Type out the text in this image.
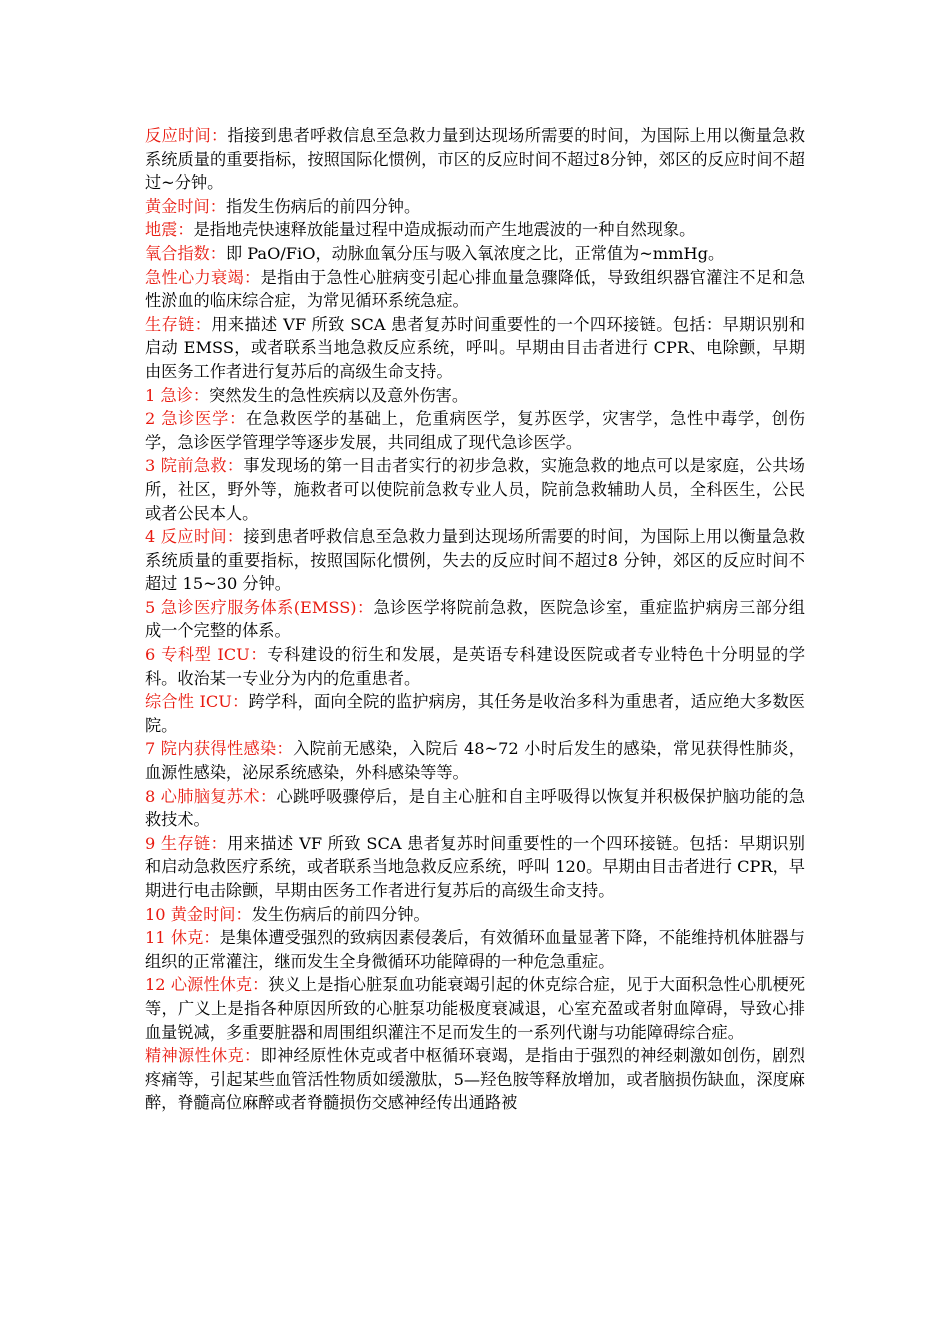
反应时间：指接到患者呼救信息至急救力量到达现场所需要的时间，为国际上用以衡量急救系统质量的重要指标，按照国际化惯例，市区的反应时间不超过8分钟，郊区的反应时间不超过~分钟。

黄金时间：指发生伤病后的前四分钟。

地震：是指地壳快速释放能量过程中造成振动而产生地震波的一种自然现象。

氧合指数：即 PaO/FiO，动脉血氧分压与吸入氧浓度之比，正常值为~mmHg。

急性心力衰竭：是指由于急性心脏病变引起心排血量急骤降低，导致组织器官灌注不足和急性淤血的临床综合症，为常见循环系统急症。

生存链：用来描述 VF 所致 SCA 患者复苏时间重要性的一个四环接链。包括：早期识别和启动 EMSS，或者联系当地急救反应系统，呼叫。早期由目击者进行 CPR、电除颤，早期由医务工作者进行复苏后的高级生命支持。

1 急诊：突然发生的急性疾病以及意外伤害。

2 急诊医学：在急救医学的基础上，危重病医学，复苏医学，灾害学，急性中毒学，创伤学，急诊医学管理学等逐步发展，共同组成了现代急诊医学。

3 院前急救：事发现场的第一目击者实行的初步急救，实施急救的地点可以是家庭，公共场所，社区，野外等，施救者可以使院前急救专业人员，院前急救辅助人员，全科医生，公民或者公民本人。

4 反应时间：接到患者呼救信息至急救力量到达现场所需要的时间，为国际上用以衡量急救系统质量的重要指标，按照国际化惯例，失去的反应时间不超过8 分钟，郊区的反应时间不超过 15~30 分钟。

5 急诊医疗服务体系(EMSS)：急诊医学将院前急救，医院急诊室，重症监护病房三部分组成一个完整的体系。

6 专科型 ICU：专科建设的衍生和发展，是英语专科建设医院或者专业特色十分明显的学科。收治某一专业分为内的危重患者。

综合性 ICU：跨学科，面向全院的监护病房，其任务是收治多科为重患者，适应绝大多数医院。

7 院内获得性感染：入院前无感染，入院后 48~72 小时后发生的感染，常见获得性肺炎，血源性感染，泌尿系统感染，外科感染等等。

8 心肺脑复苏术：心跳呼吸骤停后，是自主心脏和自主呼吸得以恢复并积极保护脑功能的急救技术。

9 生存链：用来描述 VF 所致 SCA 患者复苏时间重要性的一个四环接链。包括：早期识别和启动急救医疗系统，或者联系当地急救反应系统，呼叫 120。早期由目击者进行 CPR，早期进行电击除颤，早期由医务工作者进行复苏后的高级生命支持。

10 黄金时间：发生伤病后的前四分钟。

11 休克：是集体遭受强烈的致病因素侵袭后，有效循环血量显著下降，不能维持机体脏器与组织的正常灌注，继而发生全身微循环功能障碍的一种危急重症。

12 心源性休克：狭义上是指心脏泵血功能衰竭引起的休克综合症，见于大面积急性心肌梗死等，广义上是指各种原因所致的心脏泵功能极度衰减退，心室充盈或者射血障碍，导致心排血量锐减，多重要脏器和周围组织灌注不足而发生的一系列代谢与功能障碍综合症。

精神源性休克：即神经原性休克或者中枢循环衰竭，是指由于强烈的神经刺激如创伤，剧烈疼痛等，引起某些血管活性物质如缓激肽，5—羟色胺等释放增加，或者脑损伤缺血，深度麻醉，脊髓高位麻醉或者脊髓损伤交感神经传出通路被
